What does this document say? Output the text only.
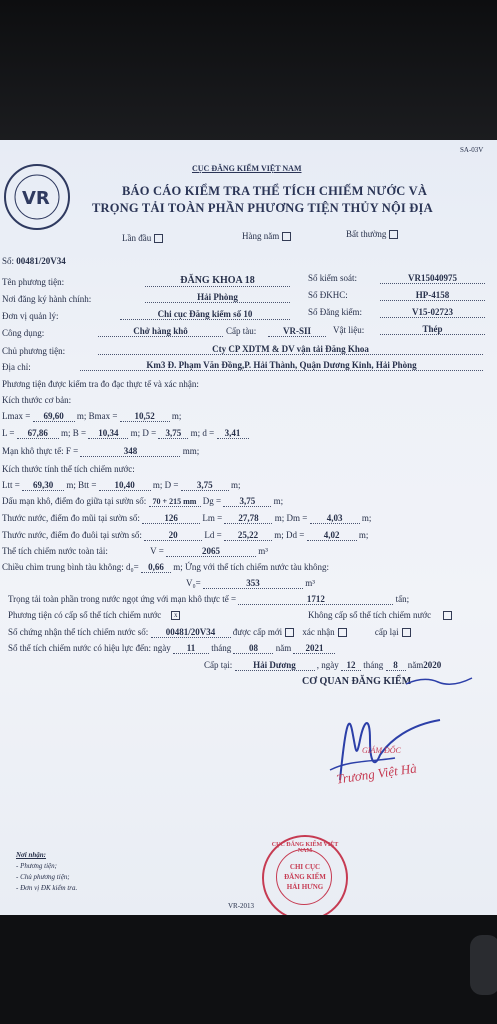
SA-03V
VR
CỤC ĐĂNG KIỂM VIỆT NAM
BÁO CÁO KIỂM TRA THỂ TÍCH CHIẾM NƯỚC VÀ
TRỌNG TẢI TOÀN PHẦN PHƯƠNG TIỆN THỦY NỘI ĐỊA
Lần đầu	Hàng năm	Bất thường
Số: 00481/20V34
Tên phương tiện:	ĐĂNG KHOA 18	Số kiểm soát:	VR15040975
Nơi đăng ký hành chính:	Hải Phòng	Số ĐKHC:	HP-4158
Đơn vị quản lý:	Chi cục Đăng kiểm số 10	Số Đăng kiểm:	V15-02723
Công dụng:	Chở hàng khô	Cấp tàu:	VR-SII	Vật liệu:	Thép
Chủ phương tiện:	Cty CP XDTM & DV vận tải Đăng Khoa
Địa chỉ:	Km3 Đ. Phạm Văn Đồng,P. Hải Thành, Quận Dương Kinh, Hải Phòng
Phương tiện được kiểm tra đo đạc thực tế và xác nhận:
Kích thước cơ bản:
Lmax = 69,60 m; Bmax = 10,52 m;
L = 67,86 m; B = 10,34 m; D = 3,75 m; d = 3,41
Mạn khô thực tế: F =	348	mm;
Kích thước tính thể tích chiếm nước:
Ltt = 69,30 m; Btt = 10,40 m; D = 3,75 m;
Dấu mạn khô, điểm đo giữa tại sườn số: 70 + 215 mm Dg = 3,75 m;
Thước nước, điểm đo mũi tại sườn số:	126	Lm = 27,78 m; Dm = 4,03 m;
Thước nước, điểm đo đuôi tại sườn số:	20	Ld = 25,22 m; Dd = 4,02 m;
Thể tích chiếm nước toàn tải:	V =	2065	m³
Chiều chìm trung bình tàu không: d₀= 0,66 m; Ứng với thể tích chiếm nước tàu không:
V₀=	353	m³
Trọng tải toàn phần trong nước ngọt ứng với mạn khô thực tế =	1712	tấn;
Phương tiện có cấp sổ thể tích chiếm nước x	Không cấp sổ thể tích chiếm nước
Số chứng nhận thể tích chiếm nước số: 00481/20V34 được cấp mới xác nhận	cấp lại
Sổ thể tích chiếm nước có hiệu lực đến: ngày 11 tháng 08 năm 2021
Cấp tại: Hải Dương , ngày 12 tháng 8 năm2020
CƠ QUAN ĐĂNG KIỂM
CỤC ĐĂNG KIỂM VIỆT NAM
CHI CỤC
ĐĂNG KIỂM
HẢI HƯNG
GIÁM ĐỐC
Trương Việt Hà
Nơi nhận:
- Phương tiện;
- Chủ phương tiện;
- Đơn vị ĐK kiểm tra.
VR-2013
